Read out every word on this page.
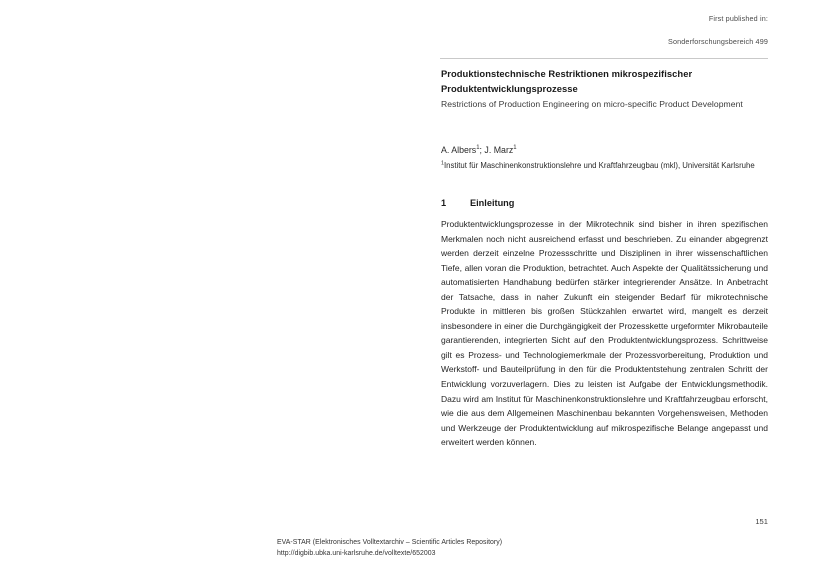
First published in:
Sonderforschungsbereich 499
Produktionstechnische Restriktionen mikrospezifischer
Produktentwicklungsprozesse

Restrictions of Production Engineering on micro-specific Product Development

A. Albers$^1$; J. Marz$^1$

$^1$Institut für Maschinenkonstruktionslehre und Kraftfahrzeugbau (mkl), Universität Karlsruhe

1	Einleitung

Produktentwicklungsprozesse in der Mikrotechnik sind bisher in ihren spezifischen Merkmalen noch nicht ausreichend erfasst und beschrieben. Zu einander abgegrenzt werden derzeit einzelne Prozessschritte und Disziplinen in ihrer wissenschaftlichen Tiefe, allen voran die Produktion, betrachtet. Auch Aspekte der Qualitätssicherung und automatisierten Handhabung bedürfen stärker integrierender Ansätze. In Anbetracht der Tatsache, dass in naher Zukunft ein steigender Bedarf für mikrotechnische Produkte in mittleren bis großen Stückzahlen erwartet wird, mangelt es derzeit insbesondere in einer die Durchgängigkeit der Prozesskette urgeformter Mikrobauteile garantierenden, integrierten Sicht auf den Produktentwicklungsprozess. Schrittweise gilt es Prozess- und Technologiemerkmale der Prozessvorbereitung, Produktion und Werkstoff- und Bauteilprüfung in den für die Produktentstehung zentralen Schritt der Entwicklung vorzuverlagern. Dies zu leisten ist Aufgabe der Entwicklungsmethodik. Dazu wird am Institut für Maschinenkonstruktionslehre und Kraftfahrzeugbau erforscht, wie die aus dem Allgemeinen Maschinenbau bekannten Vorgehensweisen, Methoden und Werkzeuge der Produktentwicklung auf mikrospezifische Belange angepasst und erweitert werden können.

151
EVA-STAR (Elektronisches Volltextarchiv – Scientific Articles Repository)
http://digbib.ubka.uni-karlsruhe.de/volltexte/652003
